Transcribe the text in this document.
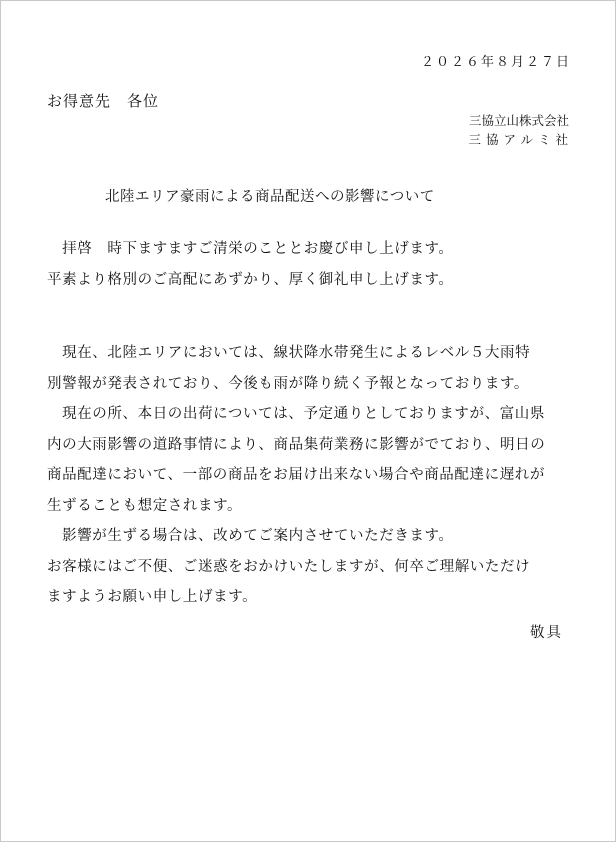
２０２６年８月２７日
お得意先　各位
三協立山株式会社
三協アルミ社
北陸エリア豪雨による商品配送への影響について

　拝啓　時下ますますご清栄のこととお慶び申し上げます。

平素より格別のご高配にあずかり、厚く御礼申し上げます。

　現在、北陸エリアにおいては、線状降水帯発生によるレベル５大雨特

別警報が発表されており、今後も雨が降り続く予報となっております。

　現在の所、本日の出荷については、予定通りとしておりますが、富山県

内の大雨影響の道路事情により、商品集荷業務に影響がでており、明日の

商品配達において、一部の商品をお届け出来ない場合や商品配達に遅れが

生ずることも想定されます。

　影響が生ずる場合は、改めてご案内させていただきます。

お客様にはご不便、ご迷惑をおかけいたしますが、何卒ご理解いただけ

ますようお願い申し上げます。

敬具
